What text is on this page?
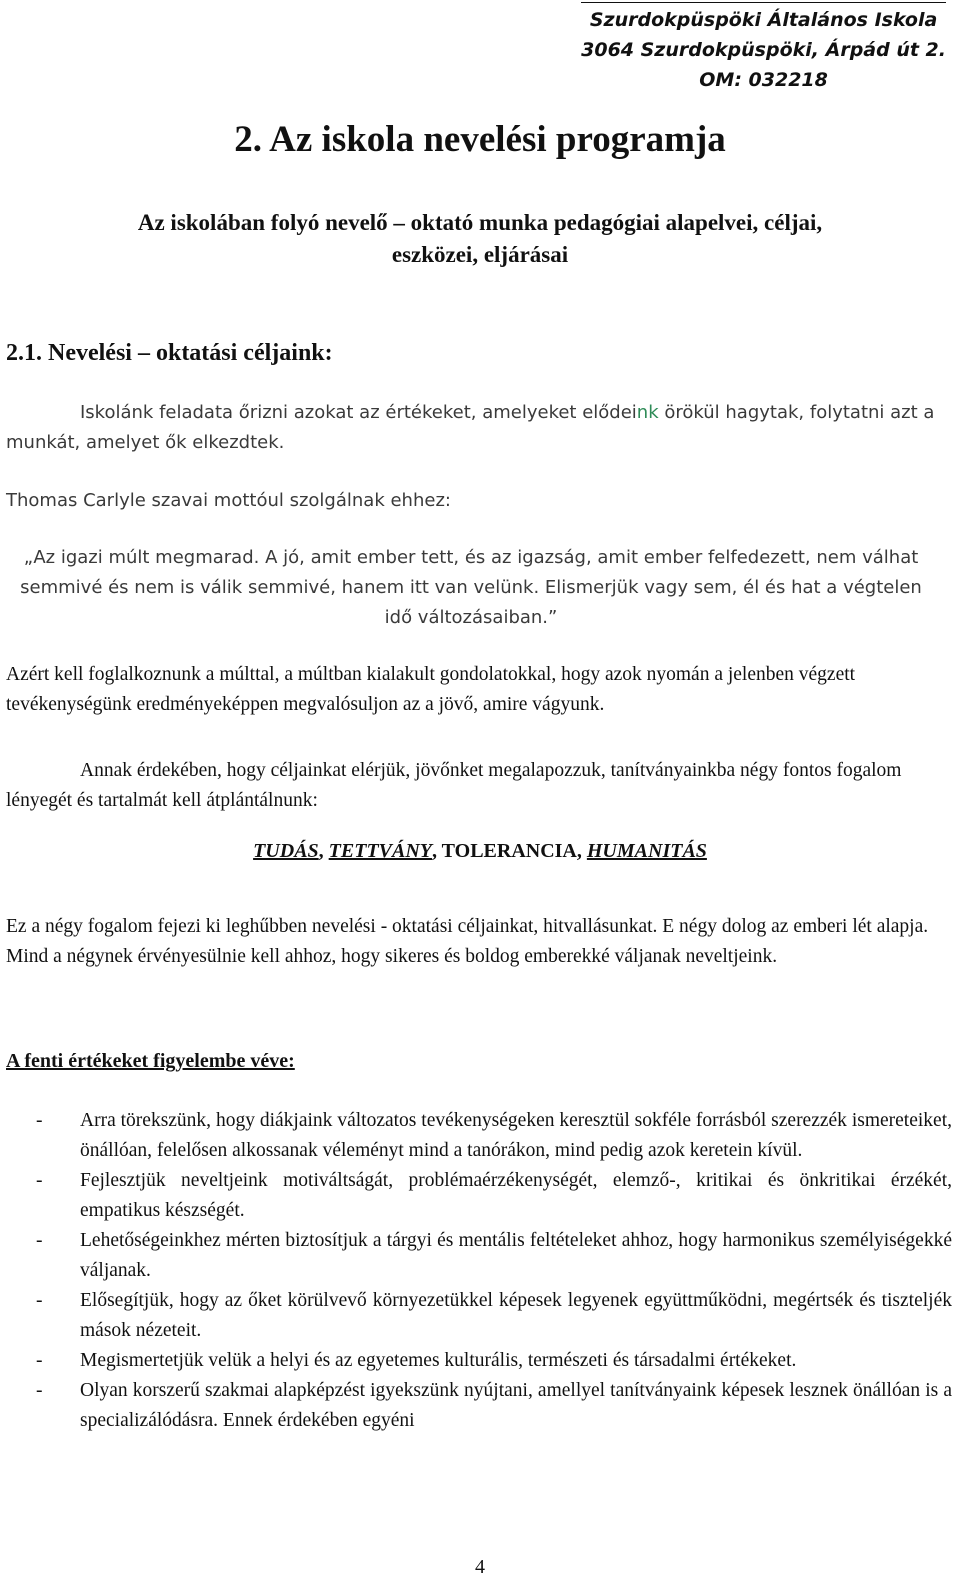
Szurdokpüspöki Általános Iskola
3064 Szurdokpüspöki, Árpád út 2.
OM: 032218
2. Az iskola nevelési programja
Az iskolában folyó nevelő – oktató munka pedagógiai alapelvei, céljai,
eszközei, eljárásai
2.1. Nevelési – oktatási céljaink:
Iskolánk feladata őrizni azokat az értékeket, amelyeket elődeink örökül hagytak, folytatni azt a munkát, amelyet ők elkezdtek.
Thomas Carlyle szavai mottóul szolgálnak ehhez:
„Az igazi múlt megmarad. A jó, amit ember tett, és az igazság, amit ember felfedezett, nem válhat semmivé és nem is válik semmivé, hanem itt van velünk. Elismerjük vagy sem, él és hat a végtelen idő változásaiban.”
Azért kell foglalkoznunk a múlttal, a múltban kialakult gondolatokkal, hogy azok nyomán a jelenben végzett tevékenységünk eredményeképpen megvalósuljon az a jövő, amire vágyunk.
Annak érdekében, hogy céljainkat elérjük, jövőnket megalapozzuk, tanítványainkba négy fontos fogalom lényegét és tartalmát kell átplántálnunk:
TUDÁS, TETTVÁNY, TOLERANCIA, HUMANITÁS
Ez a négy fogalom fejezi ki leghűbben nevelési - oktatási céljainkat, hitvallásunkat. E négy dolog az emberi lét alapja. Mind a négynek érvényesülnie kell ahhoz, hogy sikeres és boldog emberekké váljanak neveltjeink.
A fenti értékeket figyelembe véve:
- Arra törekszünk, hogy diákjaink változatos tevékenységeken keresztül sokféle forrásból szerezzék ismereteiket, önállóan, felelősen alkossanak véleményt mind a tanórákon, mind pedig azok keretein kívül.
- Fejlesztjük neveltjeink motiváltságát, problémaérzékenységét, elemző-, kritikai és önkritikai érzékét, empatikus készségét.
- Lehetőségeinkhez mérten biztosítjuk a tárgyi és mentális feltételeket ahhoz, hogy harmonikus személyiségekké váljanak.
- Elősegítjük, hogy az őket körülvevő környezetükkel képesek legyenek együttműködni, megértsék és tiszteljék mások nézeteit.
- Megismertetjük velük a helyi és az egyetemes kulturális, természeti és társadalmi értékeket.
- Olyan korszerű szakmai alapképzést igyekszünk nyújtani, amellyel tanítványaink képesek lesznek önállóan is a specializálódásra. Ennek érdekében egyéni
4
